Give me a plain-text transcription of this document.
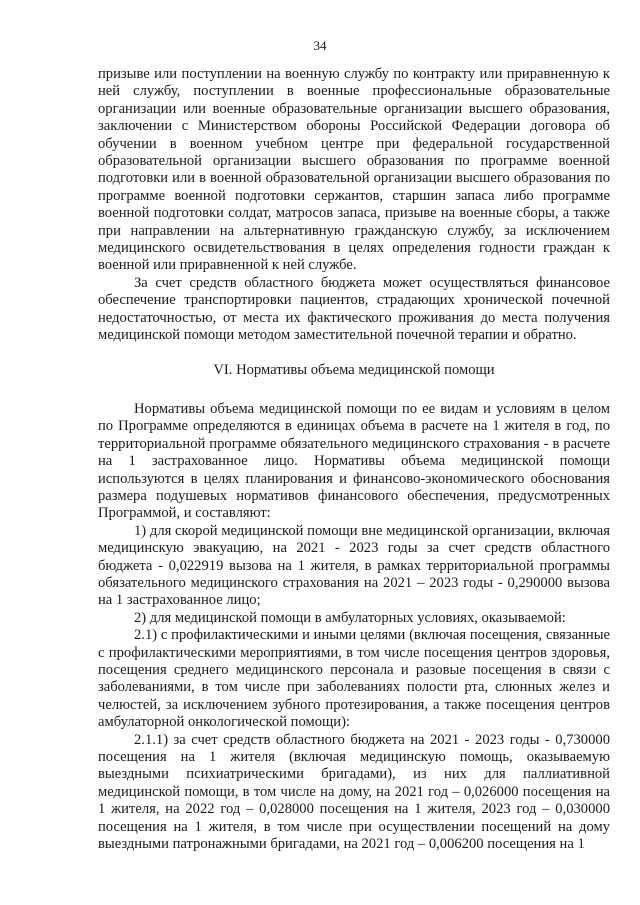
34

призыве или поступлении на военную службу по контракту или приравненную к ней службу, поступлении в военные профессиональные образовательные организации или военные образовательные организации высшего образования, заключении с Министерством обороны Российской Федерации договора об обучении в военном учебном центре при федеральной государственной образовательной организации высшего образования по программе военной подготовки или в военной образовательной организации высшего образования по программе военной подготовки сержантов, старшин запаса либо программе военной подготовки солдат, матросов запаса, призыве на военные сборы, а также при направлении на альтернативную гражданскую службу, за исключением медицинского освидетельствования в целях определения годности граждан к военной или приравненной к ней службе.

За счет средств областного бюджета может осуществляться финансовое обеспечение транспортировки пациентов, страдающих хронической почечной недостаточностью, от места их фактического проживания до места получения медицинской помощи методом заместительной почечной терапии и обратно.

VI. Нормативы объема медицинской помощи

Нормативы объема медицинской помощи по ее видам и условиям в целом по Программе определяются в единицах объема в расчете на 1 жителя в год, по территориальной программе обязательного медицинского страхования - в расчете на 1 застрахованное лицо. Нормативы объема медицинской помощи используются в целях планирования и финансово-экономического обоснования размера подушевых нормативов финансового обеспечения, предусмотренных Программой, и составляют:

1) для скорой медицинской помощи вне медицинской организации, включая медицинскую эвакуацию, на 2021 - 2023 годы за счет средств областного бюджета - 0,022919 вызова на 1 жителя, в рамках территориальной программы обязательного медицинского страхования на 2021 – 2023 годы - 0,290000 вызова на 1 застрахованное лицо;

2) для медицинской помощи в амбулаторных условиях, оказываемой:

2.1) с профилактическими и иными целями (включая посещения, связанные с профилактическими мероприятиями, в том числе посещения центров здоровья, посещения среднего медицинского персонала и разовые посещения в связи с заболеваниями, в том числе при заболеваниях полости рта, слюнных желез и челюстей, за исключением зубного протезирования, а также посещения центров амбулаторной онкологической помощи):

2.1.1) за счет средств областного бюджета на 2021 - 2023 годы - 0,730000 посещения на 1 жителя (включая медицинскую помощь, оказываемую выездными психиатрическими бригадами), из них для паллиативной медицинской помощи, в том числе на дому, на 2021 год – 0,026000 посещения на 1 жителя, на 2022 год – 0,028000 посещения на 1 жителя, 2023 год – 0,030000 посещения на 1 жителя, в том числе при осуществлении посещений на дому выездными патронажными бригадами, на 2021 год – 0,006200 посещения на 1
